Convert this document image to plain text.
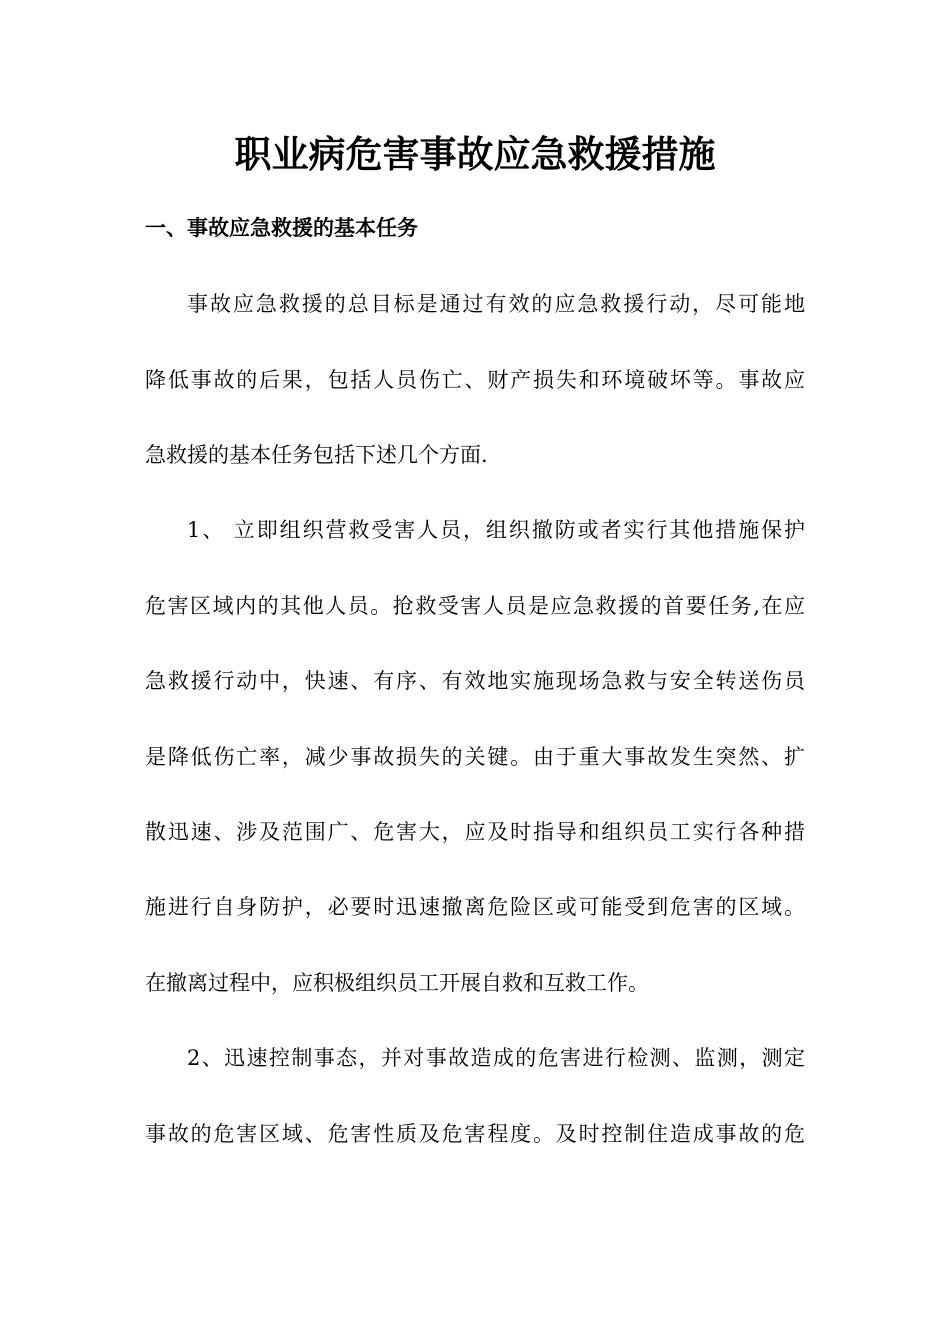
职业病危害事故应急救援措施
一、事故应急救援的基本任务
事故应急救援的总目标是通过有效的应急救援行动，尽可能地
降低事故的后果，包括人员伤亡、财产损失和环境破坏等。事故应
急救援的基本任务包括下述几个方面.
1、 立即组织营救受害人员，组织撤防或者实行其他措施保护
危害区域内的其他人员。抢救受害人员是应急救援的首要任务,在应
急救援行动中，快速、有序、有效地实施现场急救与安全转送伤员
是降低伤亡率，减少事故损失的关键。由于重大事故发生突然、扩
散迅速、涉及范围广、危害大，应及时指导和组织员工实行各种措
施进行自身防护，必要时迅速撤离危险区或可能受到危害的区域。
在撤离过程中，应积极组织员工开展自救和互救工作。
2、迅速控制事态，并对事故造成的危害进行检测、监测，测定
事故的危害区域、危害性质及危害程度。及时控制住造成事故的危
